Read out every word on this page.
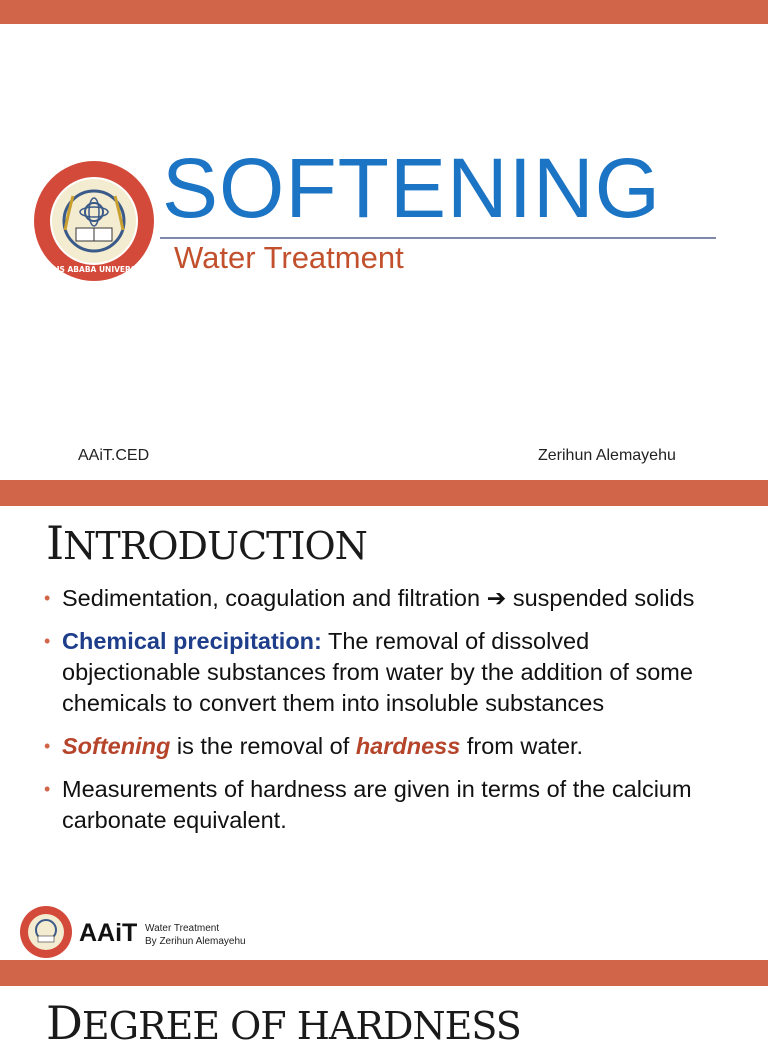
ADDIS ABABA UNIVERSITY
SOFTENING
Water Treatment
AAiT.CED	Zerihun Alemayehu
INTRODUCTION
• Sedimentation, coagulation and filtration ➔ suspended solids
• Chemical precipitation: The removal of dissolved objectionable substances from water by the addition of some chemicals to convert them into insoluble substances
• Softening is the removal of hardness from water.
• Measurements of hardness are given in terms of the calcium carbonate equivalent.
AAiT Water Treatment
By Zerihun Alemayehu
DEGREE OF HARDNESS
